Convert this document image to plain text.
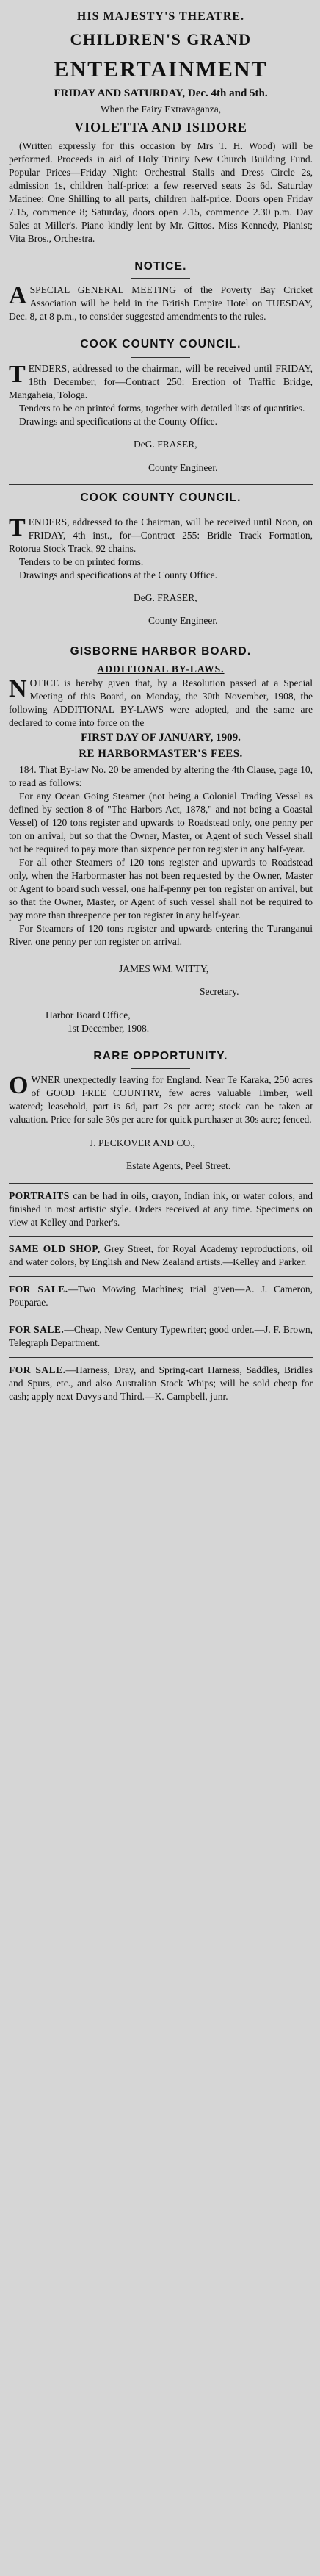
HIS MAJESTY'S THEATRE.
CHILDREN'S GRAND
ENTERTAINMENT

FRIDAY AND SATURDAY, Dec. 4th and 5th.

When the Fairy Extravaganza,

VIOLETTA AND ISIDORE

(Written expressly for this occasion by Mrs T. H. Wood) will be performed. Proceeds in aid of Holy Trinity New Church Building Fund. Popular Prices—Friday Night: Orchestral Stalls and Dress Circle 2s, admission 1s, children half-price; a few reserved seats 2s 6d. Saturday Matinee: One Shilling to all parts, children half-price. Doors open Friday 7.15, commence 8; Saturday, doors open 2.15, commence 2.30 p.m. Day Sales at Miller's. Piano kindly lent by Mr. Gittos. Miss Kennedy, Pianist; Vita Bros., Orchestra.

NOTICE.

ASPECIAL GENERAL MEETING of the Poverty Bay Cricket Association will be held in the British Empire Hotel on TUESDAY, Dec. 8, at 8 p.m., to consider suggested amendments to the rules.

COOK COUNTY COUNCIL.

TENDERS, addressed to the chairman, will be received until FRIDAY, 18th December, for—Contract 250: Erection of Traffic Bridge, Mangaheia, Tologa.

Tenders to be on printed forms, together with detailed lists of quantities.

Drawings and specifications at the County Office.

DeG. FRASER,

County Engineer.

COOK COUNTY COUNCIL.

TENDERS, addressed to the Chairman, will be received until Noon, on FRIDAY, 4th inst., for—Contract 255: Bridle Track Formation, Rotorua Stock Track, 92 chains.

Tenders to be on printed forms.

Drawings and specifications at the County Office.

DeG. FRASER,

County Engineer.

GISBORNE HARBOR BOARD.

ADDITIONAL BY-LAWS.

NOTICE is hereby given that, by a Resolution passed at a Special Meeting of this Board, on Monday, the 30th November, 1908, the following ADDITIONAL BY-LAWS were adopted, and the same are declared to come into force on the

FIRST DAY OF JANUARY, 1909.

RE HARBORMASTER'S FEES.

184. That By-law No. 20 be amended by altering the 4th Clause, page 10, to read as follows:

For any Ocean Going Steamer (not being a Colonial Trading Vessel as defined by section 8 of "The Harbors Act, 1878," and not being a Coastal Vessel) of 120 tons register and upwards to Roadstead only, one penny per ton on arrival, but so that the Owner, Master, or Agent of such Vessel shall not be required to pay more than sixpence per ton register in any half-year.

For all other Steamers of 120 tons register and upwards to Roadstead only, when the Harbormaster has not been requested by the Owner, Master or Agent to board such vessel, one half-penny per ton register on arrival, but so that the Owner, Master, or Agent of such vessel shall not be required to pay more than threepence per ton register in any half-year.

For Steamers of 120 tons register and upwards entering the Turanganui River, one penny per ton register on arrival.

JAMES WM. WITTY,

Secretary.

Harbor Board Office,

1st December, 1908.

RARE OPPORTUNITY.

OWNER unexpectedly leaving for England. Near Te Karaka, 250 acres of GOOD FREE COUNTRY, few acres valuable Timber, well watered; leasehold, part is 6d, part 2s per acre; stock can be taken at valuation. Price for sale 30s per acre for quick purchaser at 30s acre; fenced.

J. PECKOVER AND CO.,

Estate Agents, Peel Street.

PORTRAITS can be had in oils, crayon, Indian ink, or water colors, and finished in most artistic style. Orders received at any time. Specimens on view at Kelley and Parker's.

SAME OLD SHOP, Grey Street, for Royal Academy reproductions, oil and water colors, by English and New Zealand artists.—Kelley and Parker.

FOR SALE.—Two Mowing Machines; trial given—A. J. Cameron, Pouparae.

FOR SALE.—Cheap, New Century Typewriter; good order.—J. F. Brown, Telegraph Department.

FOR SALE.—Harness, Dray, and Spring-cart Harness, Saddles, Bridles and Spurs, etc., and also Australian Stock Whips; will be sold cheap for cash; apply next Davys and Third.—K. Campbell, junr.
